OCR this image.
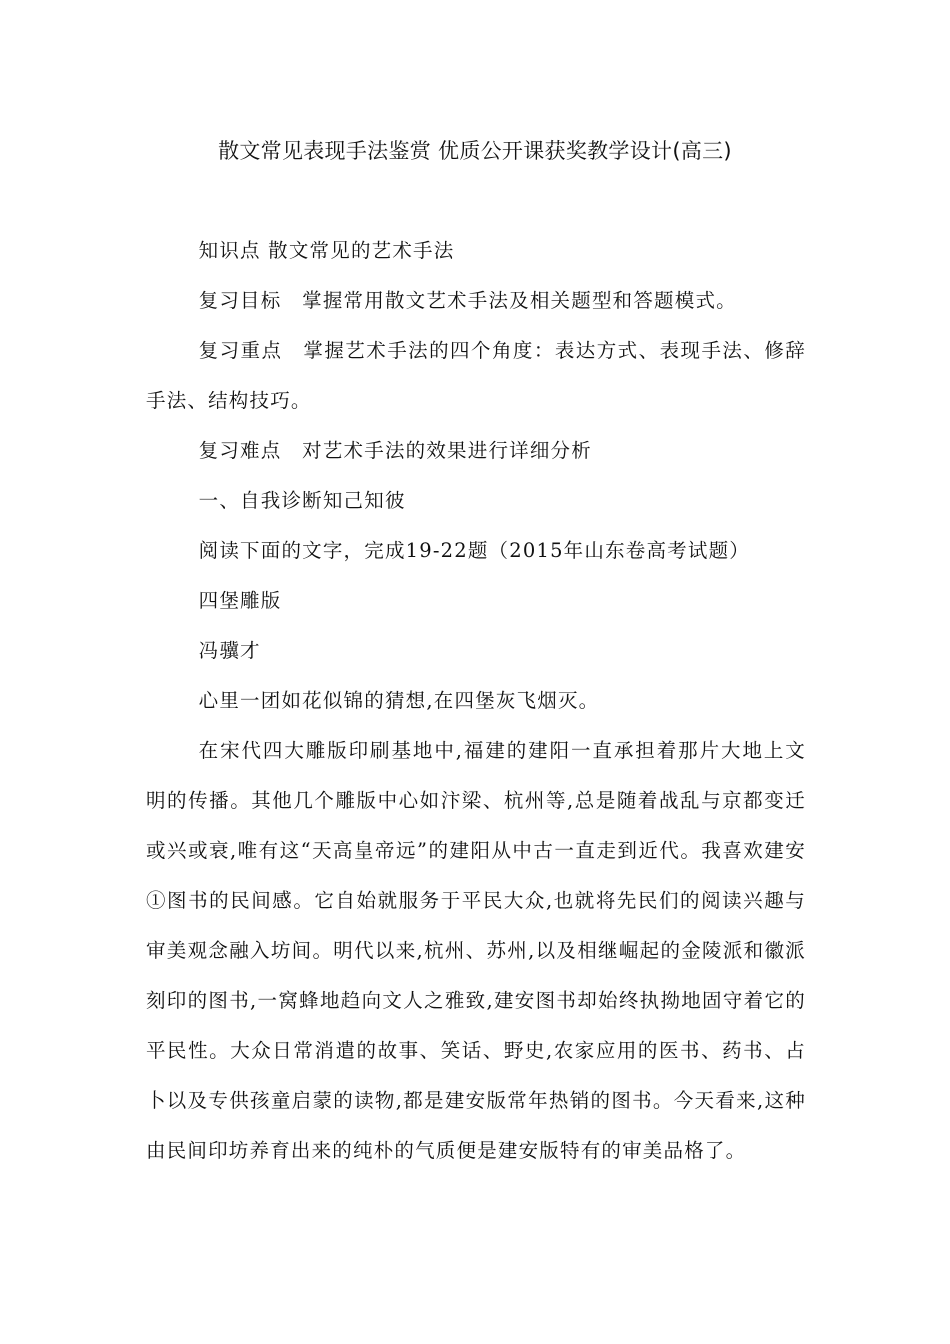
散文常见表现手法鉴赏 优质公开课获奖教学设计(高三)

知识点 散文常见的艺术手法

复习目标　掌握常用散文艺术手法及相关题型和答题模式。

复习重点　掌握艺术手法的四个角度：表达方式、表现手法、修辞手法、结构技巧。

复习难点　对艺术手法的效果进行详细分析

一、自我诊断知己知彼

阅读下面的文字，完成19-22题（2015年山东卷高考试题）

四堡雕版

冯骥才

心里一团如花似锦的猜想,在四堡灰飞烟灭。

在宋代四大雕版印刷基地中,福建的建阳一直承担着那片大地上文明的传播。其他几个雕版中心如汴梁、杭州等,总是随着战乱与京都变迁或兴或衰,唯有这“天高皇帝远”的建阳从中古一直走到近代。我喜欢建安①图书的民间感。它自始就服务于平民大众,也就将先民们的阅读兴趣与审美观念融入坊间。明代以来,杭州、苏州,以及相继崛起的金陵派和徽派刻印的图书,一窝蜂地趋向文人之雅致,建安图书却始终执拗地固守着它的平民性。大众日常消遣的故事、笑话、野史,农家应用的医书、药书、占卜以及专供孩童启蒙的读物,都是建安版常年热销的图书。今天看来,这种由民间印坊养育出来的纯朴的气质便是建安版特有的审美品格了。
